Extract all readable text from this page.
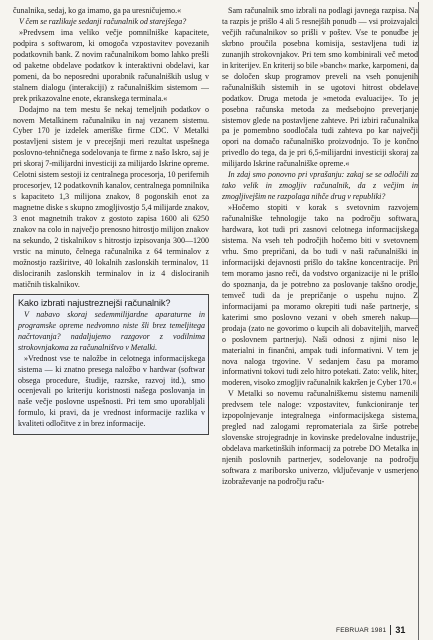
čunalnika, sedaj, ko ga imamo, ga pa uresničujemo.«

V čem se razlikuje sedanji računalnik od starejšega?

»Predvsem ima veliko večje pomnilniške kapacitete, podpira s softwarom, ki omogoča vzpostavitev povezanih podatkovnih bank. Z novim računalnikom bomo lahko prešli od paketne obdelave podatkov k interaktivni obdelavi, kar pomeni, da bo neposredni uporabnik računalniških uslug v stalnem dialogu (interakciji) z računalniškim sistemom — prek prikazovalne enote, ekranskega terminala.«

Dodajmo na tem mestu še nekaj temeljnih podatkov o novem Metalkinem računalniku in naj vezanem sistemu. Cyber 170 je izdelek ameriške firme CDC. V Metalki postavljeni sistem je v precejšnji meri rezultat uspešnega poslovno-tehničnega sodelovanja te firme z našo Iskro, saj je pri skoraj 7-milijardni investiciji za milijardo Iskrine opreme. Celotni sistem sestoji iz centralnega procesorja, 10 perifernih procesorjev, 12 podatkovnih kanalov, centralnega pomnilnika s kapaciteto 1,3 milijona znakov, 8 pogonskih enot za magnetne diske s skupno zmogljivostjo 5,4 milijarde znakov, 3 enot magnetnih trakov z gostoto zapisa 1600 ali 6250 znakov na colo in največjo prenosno hitrostjo milijon znakov na sekundo, 2 tiskalnikov s hitrostjo izpisovanja 300—1200 vrstic na minuto, čelnega računalnika z 64 terminalov z možnostjo razširitve, 40 lokalnih zaslonskih terminalov, 11 dislociranih zaslonskih terminalov in iz 4 dislociranih matičnih tiskalnikov.

Kako izbrati najustreznejši računalnik?

V nabavo skoraj sedemmilijardne aparaturne in programske opreme nedvomno niste šli brez temeljitega načrtovanja? nadaljujemo razgovor z vodilnima strokovnjakoma za računalništvo v Metalki.

»Vrednost vse te naložbe in celotnega informacijskega sistema — ki znatno presega naložbo v hardwar (softwar obsega procedure, študije, razrske, razvoj itd.), smo ocenjevali po kriteriju koristnosti našega poslovanja in naše večje poslovne uspešnosti. Pri tem smo uporabljali formulo, ki pravi, da je vrednost informacije razlika v kvaliteti odločitve z in brez informacije.

Sam računalnik smo izbrali na podlagi javnega razpisa. Na ta razpis je prišlo 4 ali 5 resnejših ponudb — vsi proizvajalci večjih računalnikov so prišli v poštev. Vse te ponudbe je skrbno proučila posebna komisija, sestavljena tudi iz zunanjih strokovnjakov. Pri tem smo kombinirali več metod in kriterijev. En kriterij so bile »banch« marke, karpomeni, da se določen skup programov preveli na vseh ponujenih računalniških sistemih in se ugotovi hitrost obdelave podatkov. Druga metoda je »metoda evaluacije«. To je posebna računska metoda za medsebojno preverjanje sistemov glede na postavljene zahteve. Pri izbiri računalnika pa je pomembno soodločala tudi zahteva po kar največji opori na domačo računalniško proizvodnjo. To je končno privedlo do tega, da je pri 6,5-milijardni investiciji skoraj za milijardo Iskrine računalniške opreme.«

In zdaj smo ponovno pri vprašanju: zakaj se se odločili za tako velik in zmogljiv računalnik, da z večjim in zmogljivejšim ne razpolaga nihče drug v republiki?

»Hočemo stopiti v korak s svetovnim razvojem računalniške tehnologije tako na področju softwara, hardwara, kot tudi pri zasnovi celotnega informacijskega sistema. Na vseh teh področjih hočemo biti v svetovnem vrhu. Smo prepričani, da bo tudi v naši računalniški in informacijski dejavnosti prišlo do takšne koncentracije. Pri tem moramo jasno reči, da vodstvo organizacije ni le prišlo do spoznanja, da je potrebno za poslovanje takšno orodje, temveč tudi da je prepričanje o uspehu nujno. Z informacijami pa moramo okrepiti tudi naše partnerje, s katerimi smo poslovno vezani v obeh smereh nakup—prodaja (zato ne govorimo o kupcih ali dobaviteljih, marveč o poslovnem partnerju). Naši odnosi z njimi niso le materialni in finančni, ampak tudi informativni. V tem je nova naloga trgovine. V sedanjem času pa moramo informativni tokovi tudi zelo hitro potekati. Zato: velik, hiter, moderen, visoko zmogljiv računalnik kakršen je Cyber 170.«

V Metalki so novemu računalniškemu sistemu namenili predvsem tele naloge: vzpostavitev, funkcioniranje ter izpopolnjevanje integralnega »informacijskega sistema, pregled nad zalogami repromateriala za širše potrebe slovenske strojegradnje in kovinske predelovalne industrije, obdelava marketinških informacij za potrebe DO Metalka in njenih poslovnih partnerjev, sodelovanje na področju softwara z mariborsko univerzo, vključevanje v usmerjeno izobraževanje na področju raču-

FEBRUAR 1981 31
